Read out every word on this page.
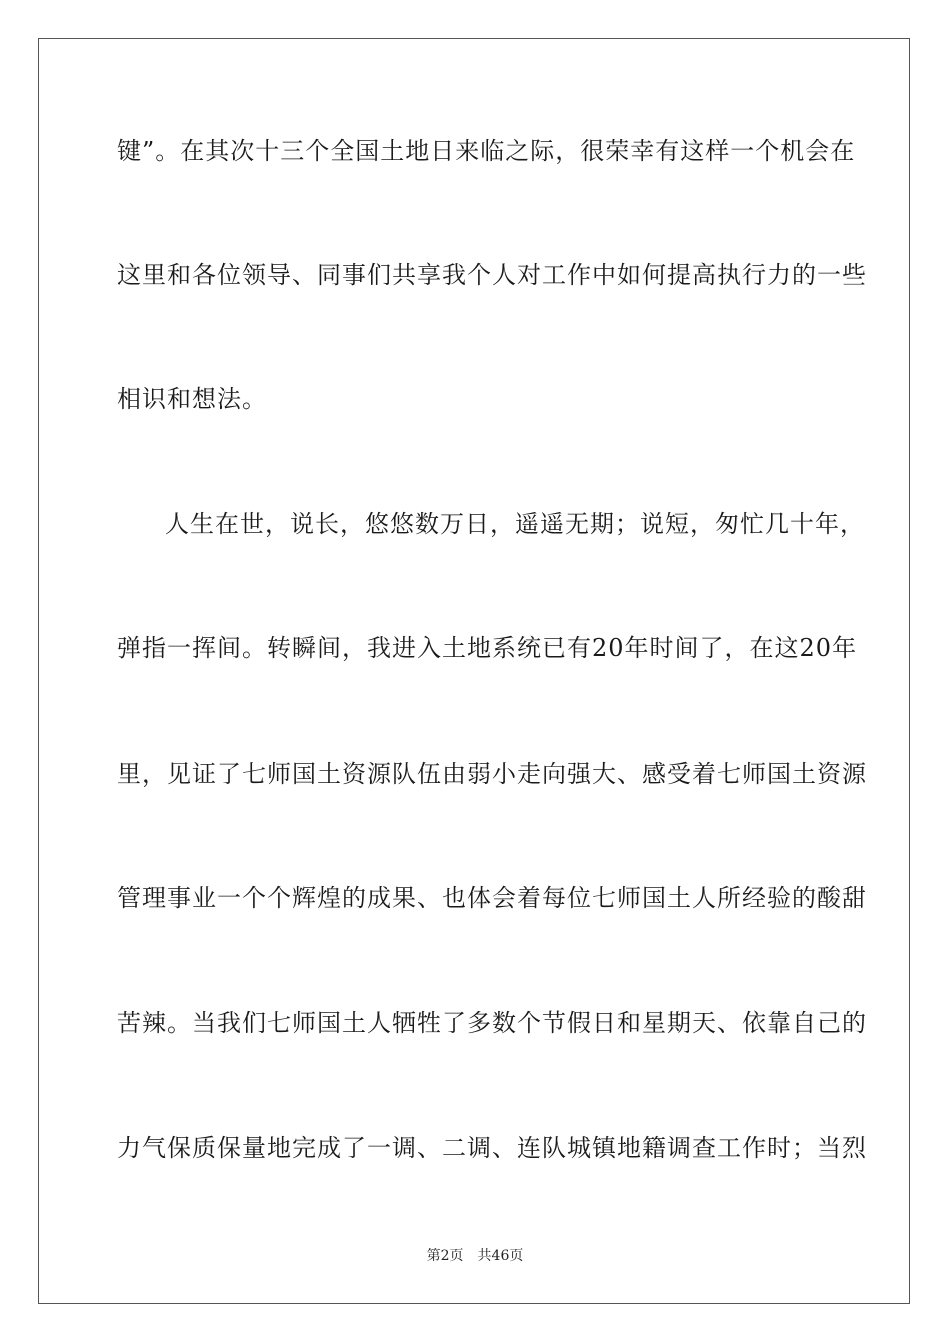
键”。在其次十三个全国土地日来临之际，很荣幸有这样一个机会在
这里和各位领导、同事们共享我个人对工作中如何提高执行力的一些
相识和想法。
人生在世，说长，悠悠数万日，遥遥无期；说短，匆忙几十年，
弹指一挥间。转瞬间，我进入土地系统已有20年时间了，在这20年
里，见证了七师国土资源队伍由弱小走向强大、感受着七师国土资源
管理事业一个个辉煌的成果、也体会着每位七师国土人所经验的酸甜
苦辣。当我们七师国土人牺牲了多数个节假日和星期天、依靠自己的
力气保质保量地完成了一调、二调、连队城镇地籍调查工作时；当烈
第2页 共46页
